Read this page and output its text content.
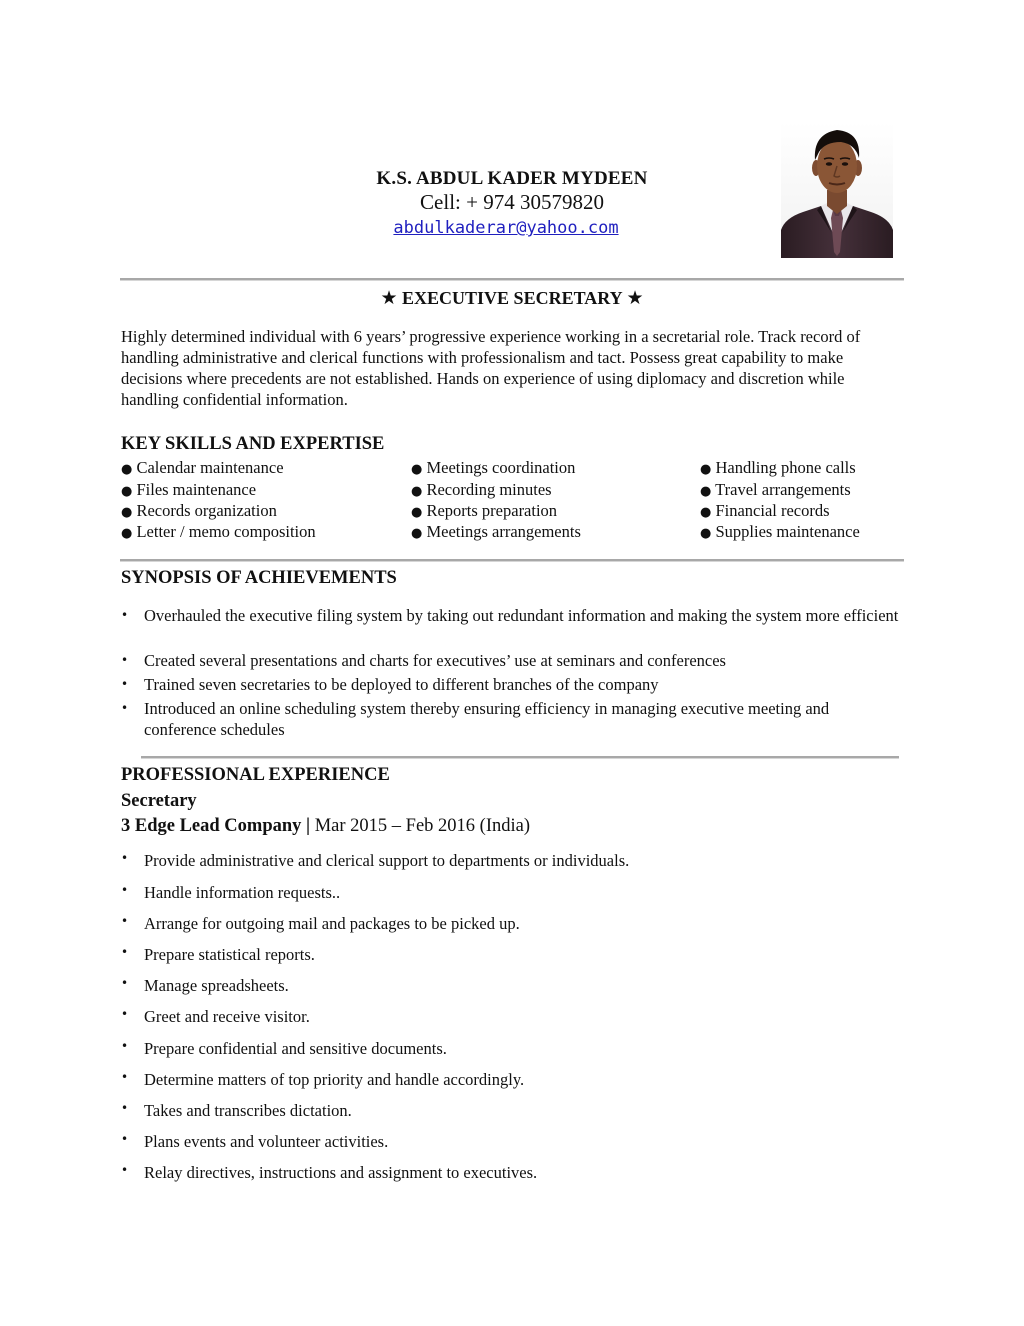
K.S. ABDUL KADER MYDEEN
Cell: + 974 30579820
abdulkaderar@yahoo.com
★ EXECUTIVE SECRETARY ★
Highly determined individual with 6 years’ progressive experience working in a secretarial role. Track record of handling administrative and clerical functions with professionalism and tact. Possess great capability to make decisions where precedents are not established. Hands on experience of using diplomacy and discretion while handling confidential information.
KEY SKILLS AND EXPERTISE
● Calendar maintenance
● Files maintenance
● Records organization
● Letter / memo composition
● Meetings coordination
● Recording minutes
● Reports preparation
● Meetings arrangements
● Handling phone calls
● Travel arrangements
● Financial records
● Supplies maintenance
SYNOPSIS OF ACHIEVEMENTS
• Overhauled the executive filing system by taking out redundant information and making the system more efficient
• Created several presentations and charts for executives’ use at seminars and conferences
• Trained seven secretaries to be deployed to different branches of the company
• Introduced an online scheduling system thereby ensuring efficiency in managing executive meeting and conference schedules
PROFESSIONAL EXPERIENCE
Secretary
3 Edge Lead Company | Mar 2015 – Feb 2016 (India)
• Provide administrative and clerical support to departments or individuals.
• Handle information requests..
• Arrange for outgoing mail and packages to be picked up.
• Prepare statistical reports.
• Manage spreadsheets.
• Greet and receive visitor.
• Prepare confidential and sensitive documents.
• Determine matters of top priority and handle accordingly.
• Takes and transcribes dictation.
• Plans events and volunteer activities.
• Relay directives, instructions and assignment to executives.
